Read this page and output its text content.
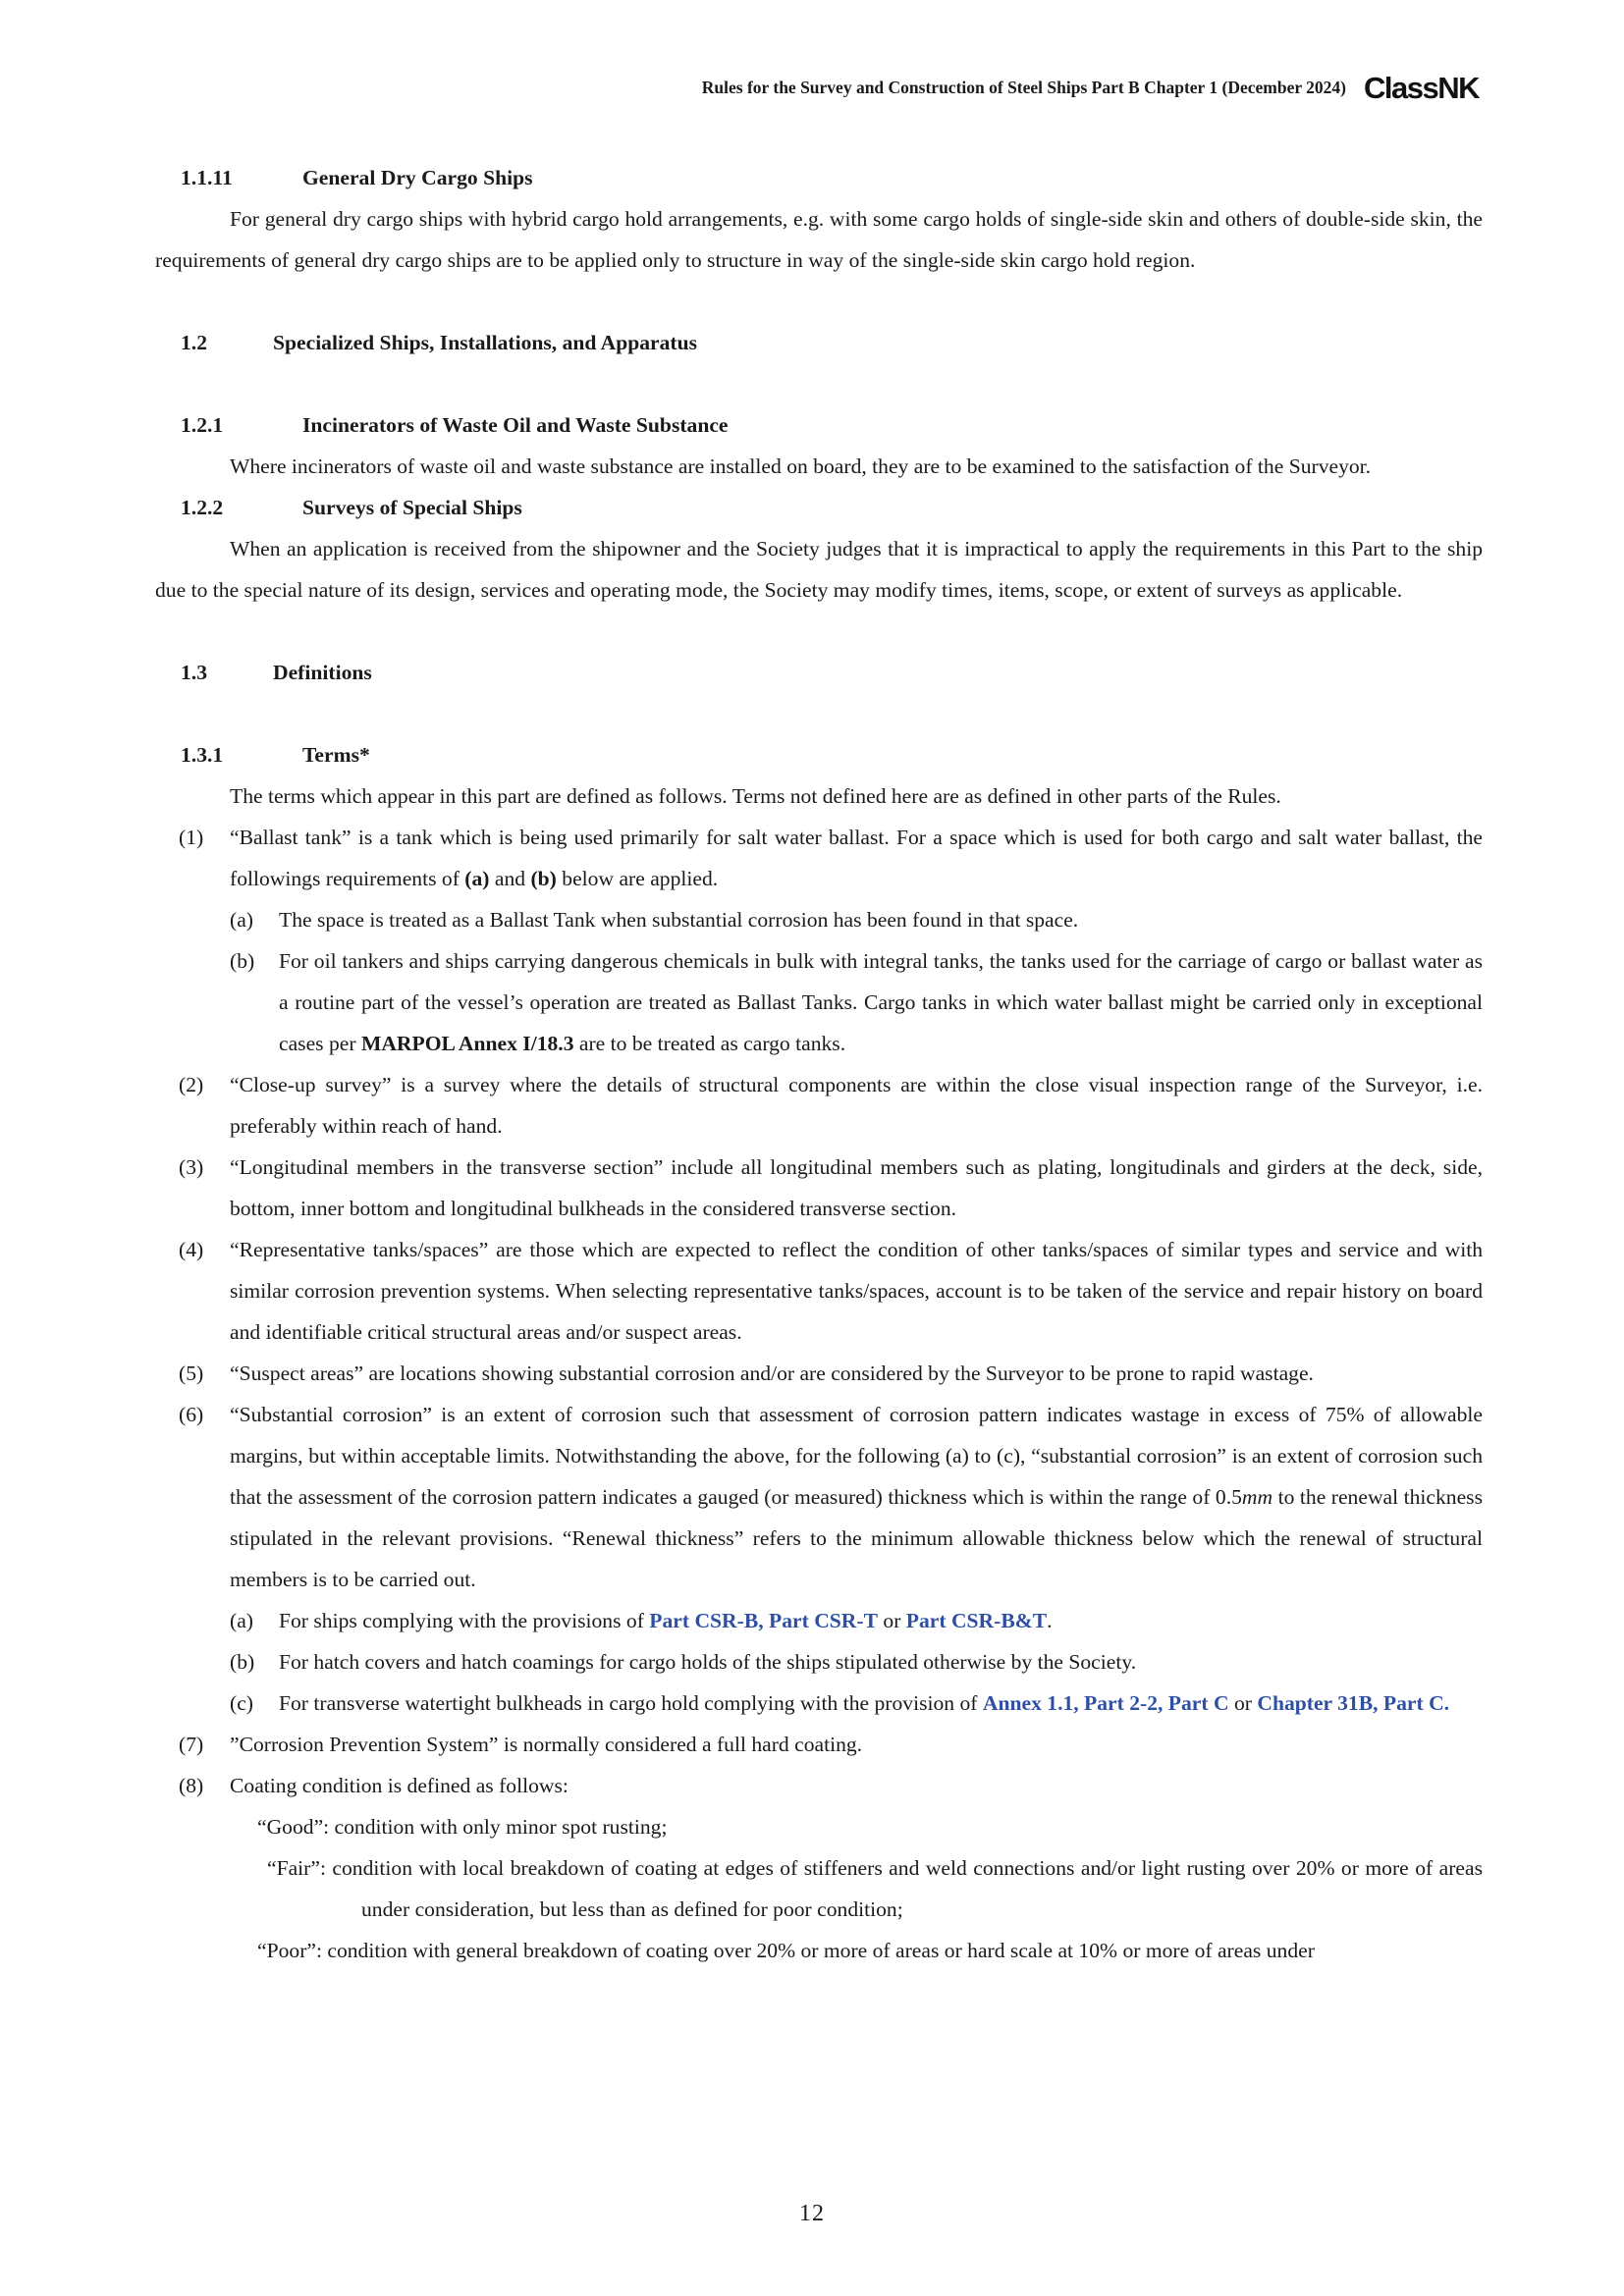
Rules for the Survey and Construction of Steel Ships Part B Chapter 1 (December 2024) ClassNK
1.1.11	General Dry Cargo Ships

For general dry cargo ships with hybrid cargo hold arrangements, e.g. with some cargo holds of single-side skin and others of double-side skin, the requirements of general dry cargo ships are to be applied only to structure in way of the single-side skin cargo hold region.

1.2	Specialized Ships, Installations, and Apparatus
1.2.1	Incinerators of Waste Oil and Waste Substance

Where incinerators of waste oil and waste substance are installed on board, they are to be examined to the satisfaction of the Surveyor.

1.2.2	Surveys of Special Ships

When an application is received from the shipowner and the Society judges that it is impractical to apply the requirements in this Part to the ship due to the special nature of its design, services and operating mode, the Society may modify times, items, scope, or extent of surveys as applicable.

1.3	Definitions
1.3.1	Terms*

The terms which appear in this part are defined as follows. Terms not defined here are as defined in other parts of the Rules.

(1) “Ballast tank” is a tank which is being used primarily for salt water ballast. For a space which is used for both cargo and salt water ballast, the followings requirements of (a) and (b) below are applied.
(a) The space is treated as a Ballast Tank when substantial corrosion has been found in that space.
(b) For oil tankers and ships carrying dangerous chemicals in bulk with integral tanks, the tanks used for the carriage of cargo or ballast water as a routine part of the vessel’s operation are treated as Ballast Tanks. Cargo tanks in which water ballast might be carried only in exceptional cases per MARPOL Annex I/18.3 are to be treated as cargo tanks.
(2) “Close-up survey” is a survey where the details of structural components are within the close visual inspection range of the Surveyor, i.e. preferably within reach of hand.
(3) “Longitudinal members in the transverse section” include all longitudinal members such as plating, longitudinals and girders at the deck, side, bottom, inner bottom and longitudinal bulkheads in the considered transverse section.
(4) “Representative tanks/spaces” are those which are expected to reflect the condition of other tanks/spaces of similar types and service and with similar corrosion prevention systems. When selecting representative tanks/spaces, account is to be taken of the service and repair history on board and identifiable critical structural areas and/or suspect areas.
(5) “Suspect areas” are locations showing substantial corrosion and/or are considered by the Surveyor to be prone to rapid wastage.
(6) “Substantial corrosion” is an extent of corrosion such that assessment of corrosion pattern indicates wastage in excess of 75% of allowable margins, but within acceptable limits. Notwithstanding the above, for the following (a) to (c), “substantial corrosion” is an extent of corrosion such that the assessment of the corrosion pattern indicates a gauged (or measured) thickness which is within the range of 0.5mm to the renewal thickness stipulated in the relevant provisions. “Renewal thickness” refers to the minimum allowable thickness below which the renewal of structural members is to be carried out.
(a) For ships complying with the provisions of Part CSR-B, Part CSR-T or Part CSR-B&T.
(b) For hatch covers and hatch coamings for cargo holds of the ships stipulated otherwise by the Society.
(c) For transverse watertight bulkheads in cargo hold complying with the provision of Annex 1.1, Part 2-2, Part C or Chapter 31B, Part C.
(7) ”Corrosion Prevention System” is normally considered a full hard coating.
(8) Coating condition is defined as follows:
“Good”: condition with only minor spot rusting;
“Fair”: condition with local breakdown of coating at edges of stiffeners and weld connections and/or light rusting over 20% or more of areas under consideration, but less than as defined for poor condition;
“Poor”: condition with general breakdown of coating over 20% or more of areas or hard scale at 10% or more of areas under
12
